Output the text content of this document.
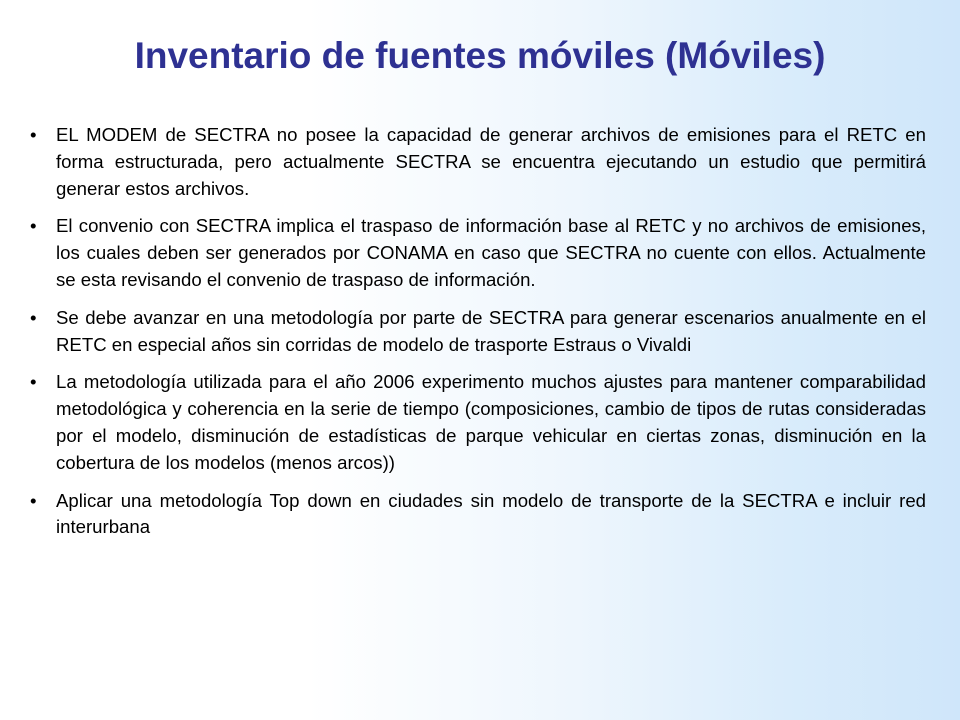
Inventario de fuentes móviles (Móviles)
•	EL MODEM de SECTRA no posee la capacidad de generar archivos de emisiones para el RETC en forma estructurada, pero actualmente SECTRA se encuentra ejecutando un estudio que permitirá generar estos archivos.
•	El convenio con SECTRA implica el traspaso de información base al RETC y no archivos de emisiones, los cuales deben ser generados por CONAMA en caso que SECTRA no cuente con ellos. Actualmente se esta revisando el convenio de traspaso de información.
•	Se debe avanzar en una metodología por parte de SECTRA para generar escenarios anualmente en el RETC en especial años sin corridas de modelo de trasporte Estraus o Vivaldi
•	La metodología utilizada para el año 2006 experimento muchos ajustes para mantener comparabilidad metodológica y coherencia en la serie de tiempo (composiciones, cambio de tipos de rutas consideradas por el modelo, disminución de estadísticas de parque vehicular en ciertas zonas, disminución en la cobertura de los modelos (menos arcos))
•	Aplicar una metodología Top down en ciudades sin modelo de transporte de la SECTRA e incluir red interurbana
